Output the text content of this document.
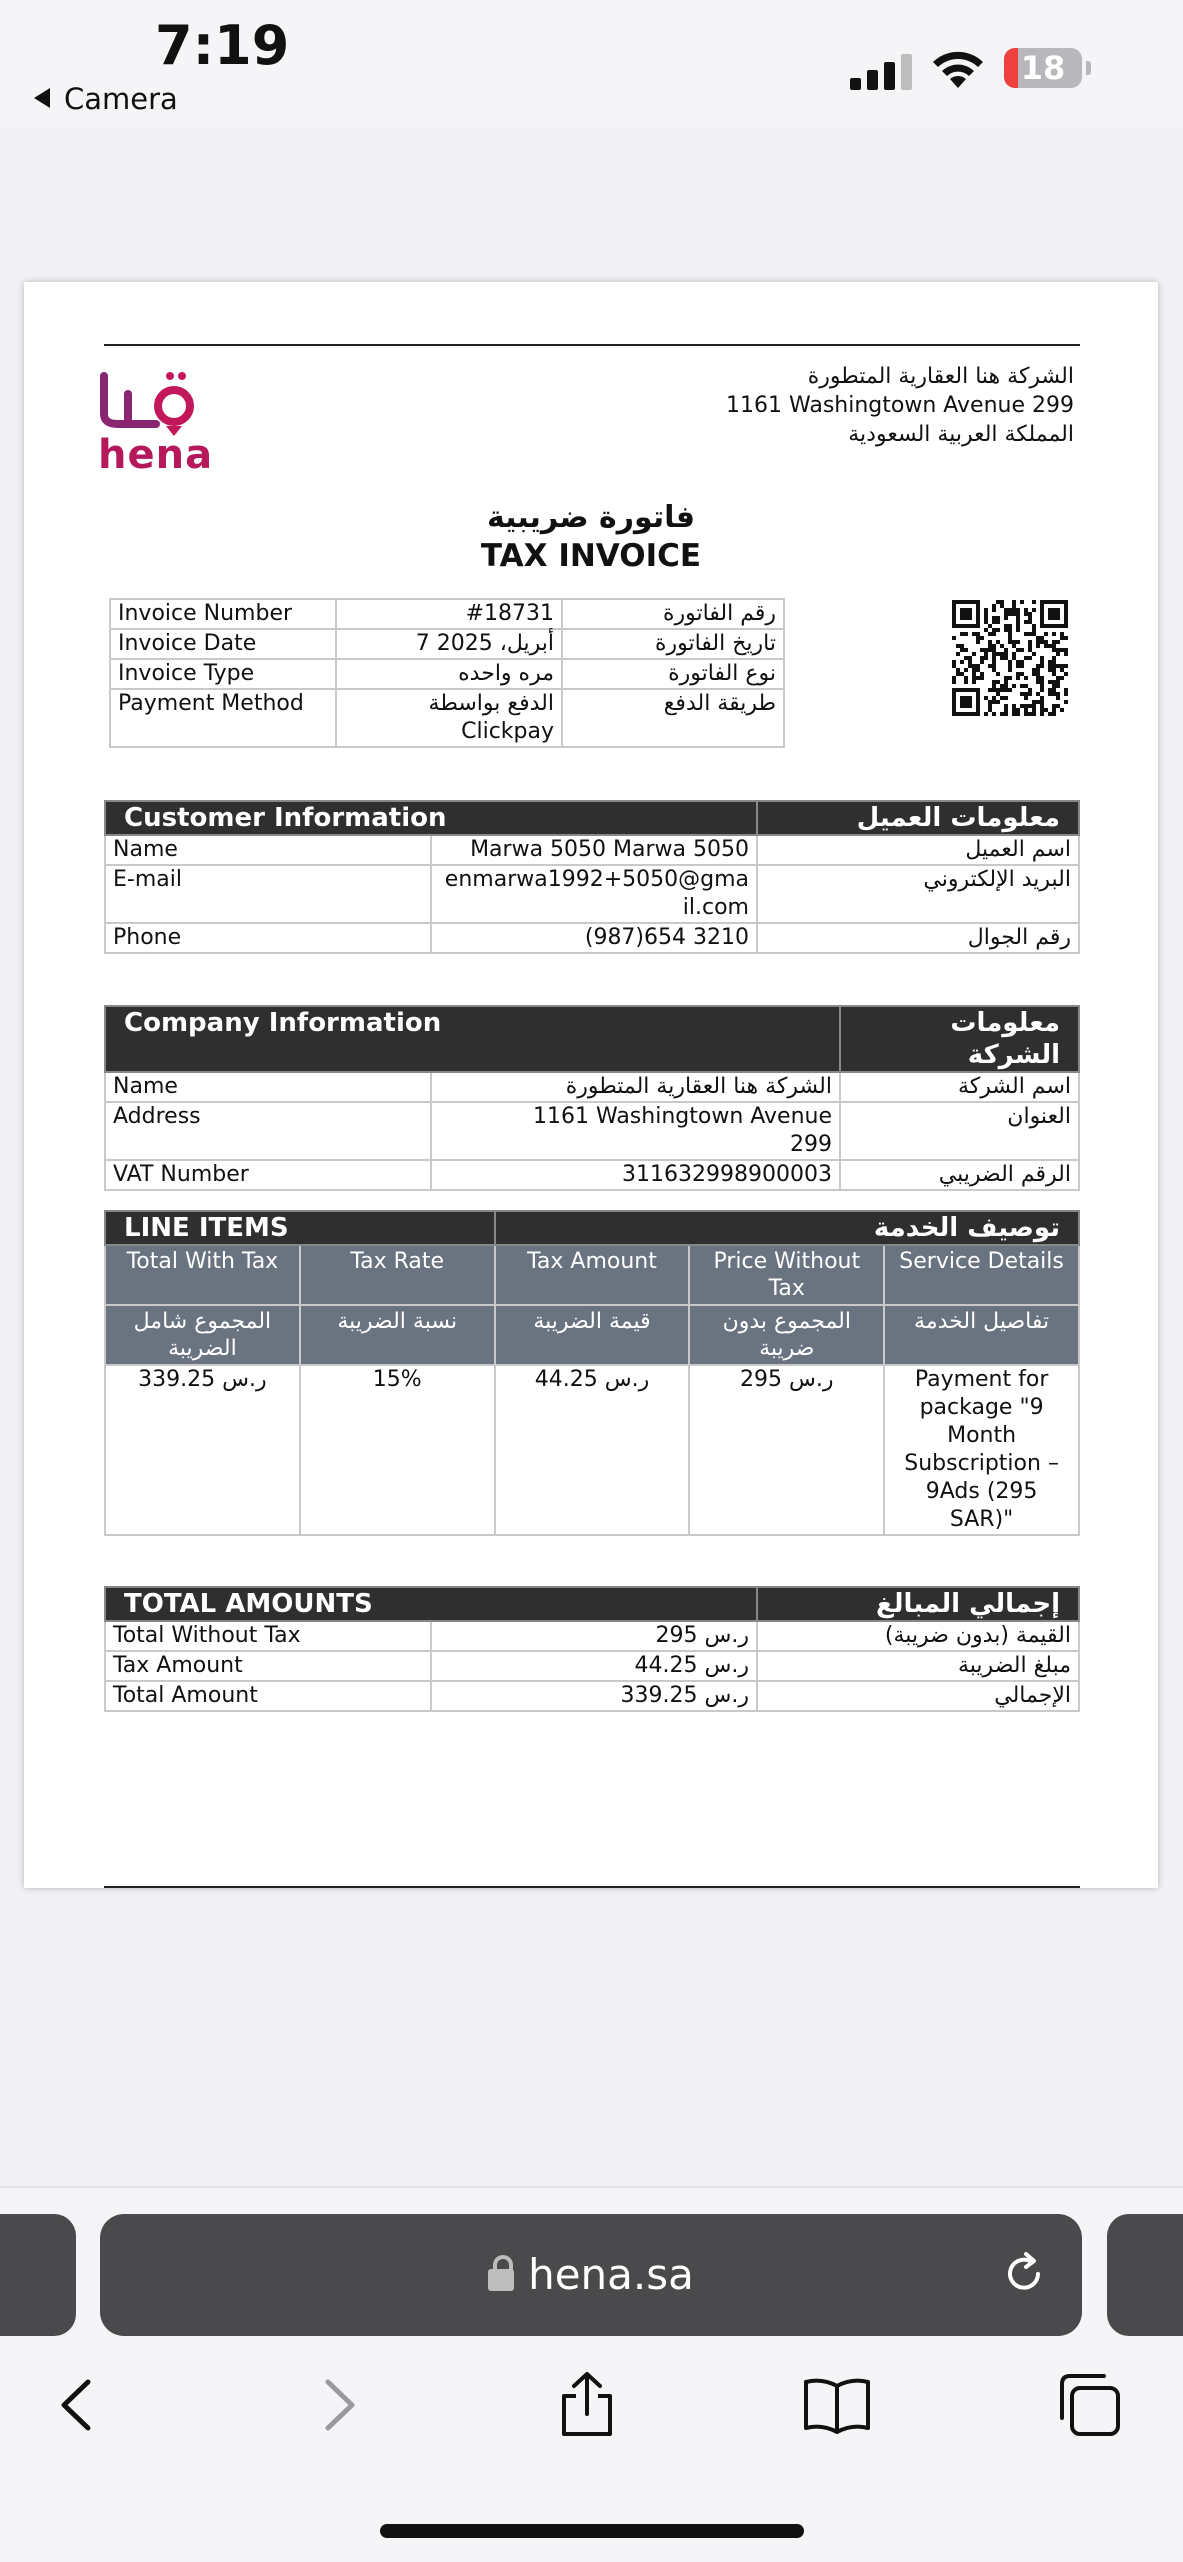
7:19
Camera
18
الشركة هنا العقارية المتطورة
1161 Washingtown Avenue 299
المملكة العربية السعودية
hena
فاتورة ضريبية
TAX INVOICE
Invoice Number	#18731	رقم الفاتورة
Invoice Date	7 أبريل، 2025	تاريخ الفاتورة
Invoice Type	مره واحده	نوع الفاتورة
Payment Method	الدفع بواسطة Clickpay	طريقة الدفع
Customer Information		معلومات العميل
Name	Marwa 5050 Marwa 5050	اسم العميل
E-mail	enmarwa1992+5050@gmail.com	البريد الإلكتروني
Phone	(987)654 3210	رقم الجوال
Company Information		معلومات الشركة
Name	الشركة هنا العقارية المتطورة	اسم الشركة
Address	1161 Washingtown Avenue 299	العنوان
VAT Number	311632998900003	الرقم الضريبي
LINE ITEMS		توصيف الخدمة		
Total With Tax	Tax Rate	Tax Amount	Price Without Tax	Service Details
المجموع شامل الضريبة	نسبة الضريبة	قيمة الضريبة	المجموع بدون ضريبة	تفاصيل الخدمة
339.25 ر.س	15%	44.25 ر.س	295 ر.س	Payment for package "9 Month Subscription – 9Ads (295 SAR)"
TOTAL AMOUNTS		إجمالي المبالغ
Total Without Tax	295 ر.س	القيمة (بدون ضريبة)
Tax Amount	44.25 ر.س	مبلغ الضريبة
Total Amount	339.25 ر.س	الإجمالي
hena.sa
